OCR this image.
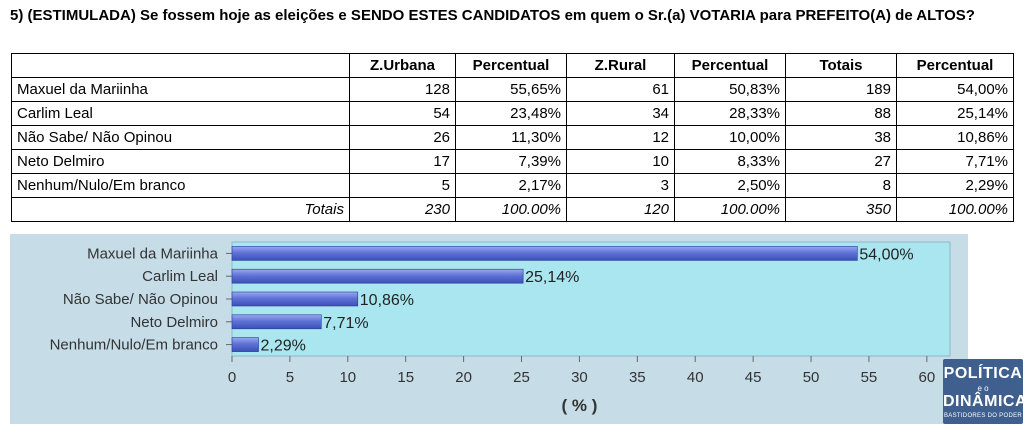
5) (ESTIMULADA) Se fossem hoje as eleições e SENDO ESTES CANDIDATOS em quem o Sr.(a) VOTARIA para PREFEITO(A) de ALTOS?
	Z.Urbana	Percentual	Z.Rural	Percentual	Totais	Percentual
Maxuel da Mariinha	128	55,65%	61	50,83%	189	54,00%
Carlim Leal	54	23,48%	34	28,33%	88	25,14%
Não Sabe/ Não Opinou	26	11,30%	12	10,00%	38	10,86%
Neto Delmiro	17	7,39%	10	8,33%	27	7,71%
Nenhum/Nulo/Em branco	5	2,17%	3	2,50%	8	2,29%
Totais	230	100.00%	120	100.00%	350	100.00%
Maxuel da Mariinha	54,00%
Carlim Leal	25,14%
Não Sabe/ Não Opinou	10,86%
Neto Delmiro	7,71%
Nenhum/Nulo/Em branco	2,29%
0	5	10	15	20	25	30	35	40	45	50	55	60
( % )
POLÍTICA
e o
DINÂMICA
BASTIDORES DO PODER
